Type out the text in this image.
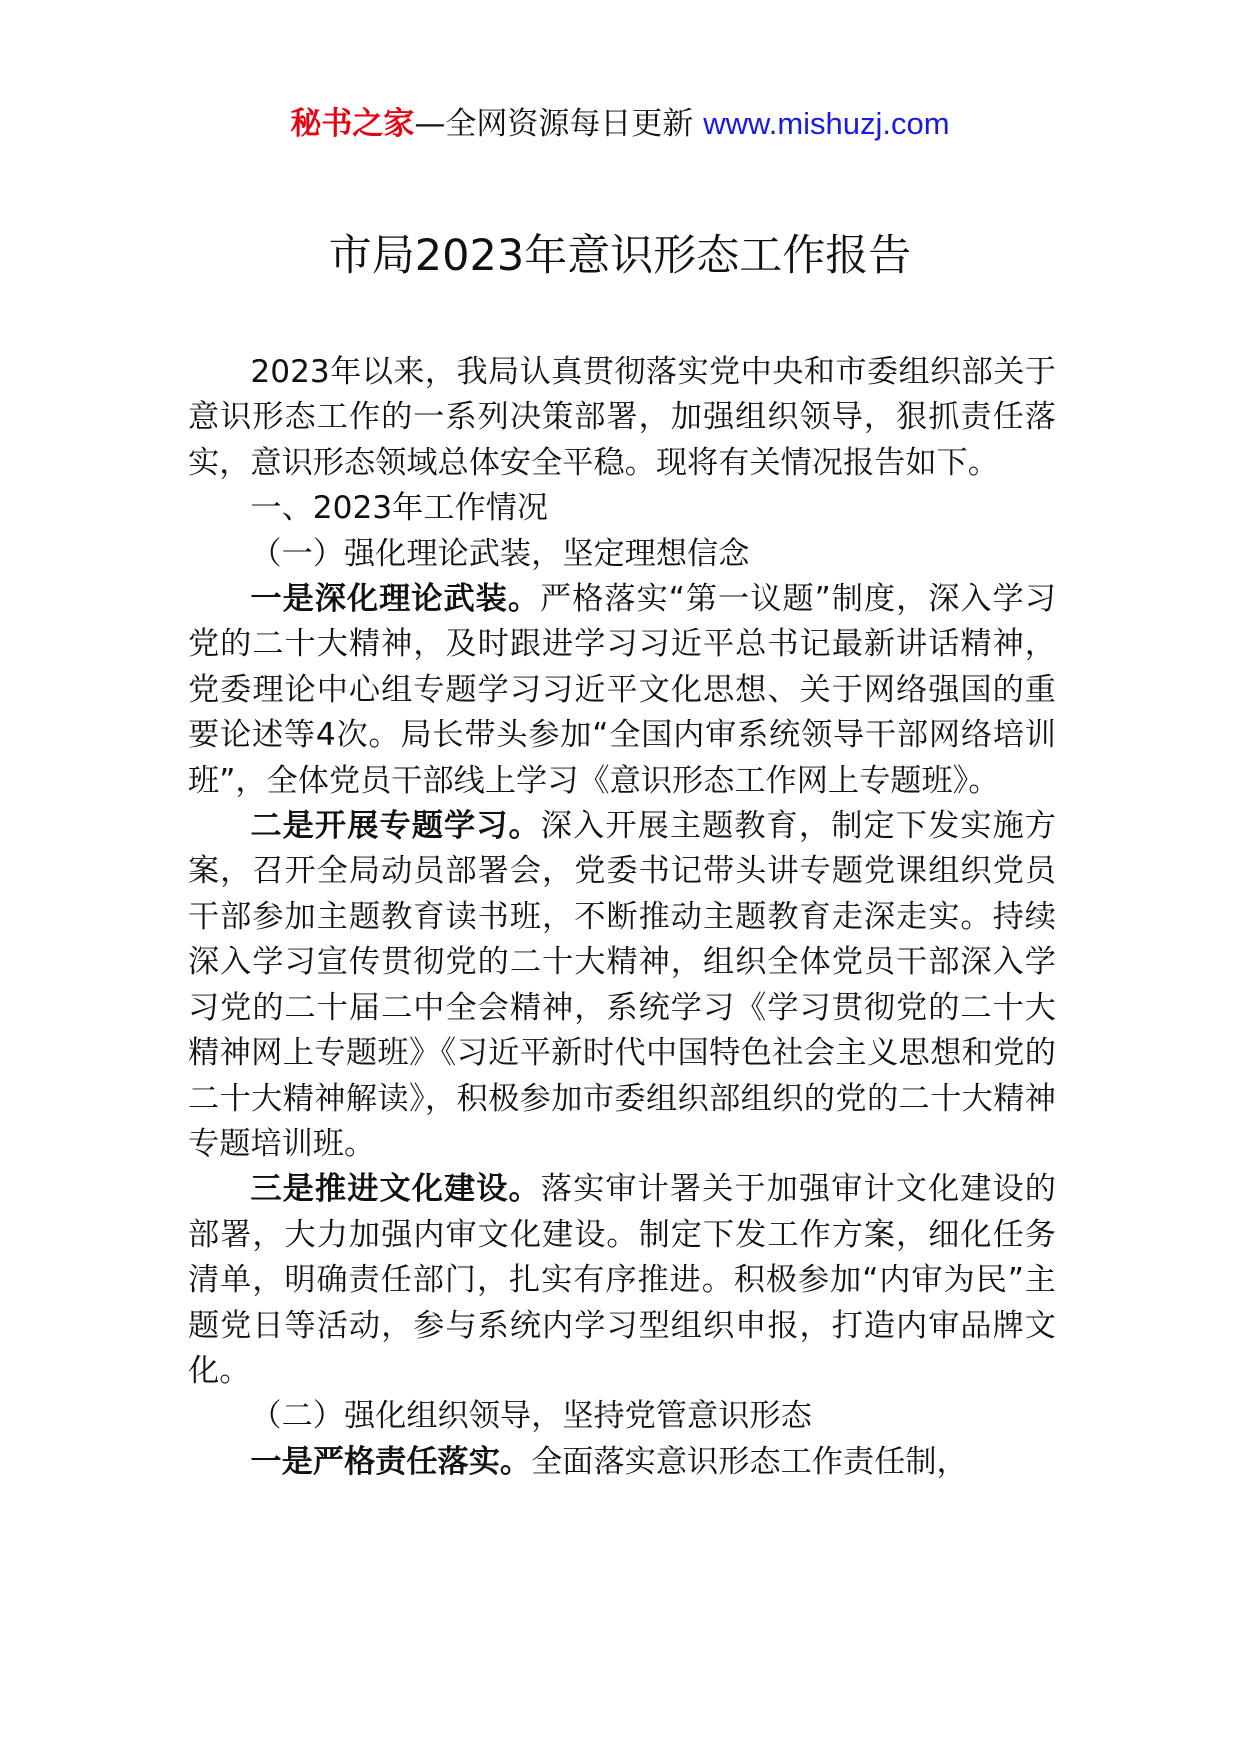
秘书之家—全网资源每日更新 www.mishuzj.com
市局2023年意识形态工作报告

2023年以来，我局认真贯彻落实党中央和市委组织部关于意识形态工作的一系列决策部署，加强组织领导，狠抓责任落实，意识形态领域总体安全平稳。现将有关情况报告如下。

一、2023年工作情况

（一）强化理论武装，坚定理想信念

一是深化理论武装。严格落实“第一议题”制度，深入学习党的二十大精神，及时跟进学习习近平总书记最新讲话精神，党委理论中心组专题学习习近平文化思想、关于网络强国的重要论述等4次。局长带头参加“全国内审系统领导干部网络培训班”，全体党员干部线上学习《意识形态工作网上专题班》。

二是开展专题学习。深入开展主题教育，制定下发实施方案，召开全局动员部署会，党委书记带头讲专题党课组织党员干部参加主题教育读书班，不断推动主题教育走深走实。持续深入学习宣传贯彻党的二十大精神，组织全体党员干部深入学习党的二十届二中全会精神，系统学习《学习贯彻党的二十大精神网上专题班》《习近平新时代中国特色社会主义思想和党的二十大精神解读》，积极参加市委组织部组织的党的二十大精神专题培训班。

三是推进文化建设。落实审计署关于加强审计文化建设的部署，大力加强内审文化建设。制定下发工作方案，细化任务清单，明确责任部门，扎实有序推进。积极参加“内审为民”主题党日等活动，参与系统内学习型组织申报，打造内审品牌文化。

（二）强化组织领导，坚持党管意识形态

一是严格责任落实。全面落实意识形态工作责任制，
